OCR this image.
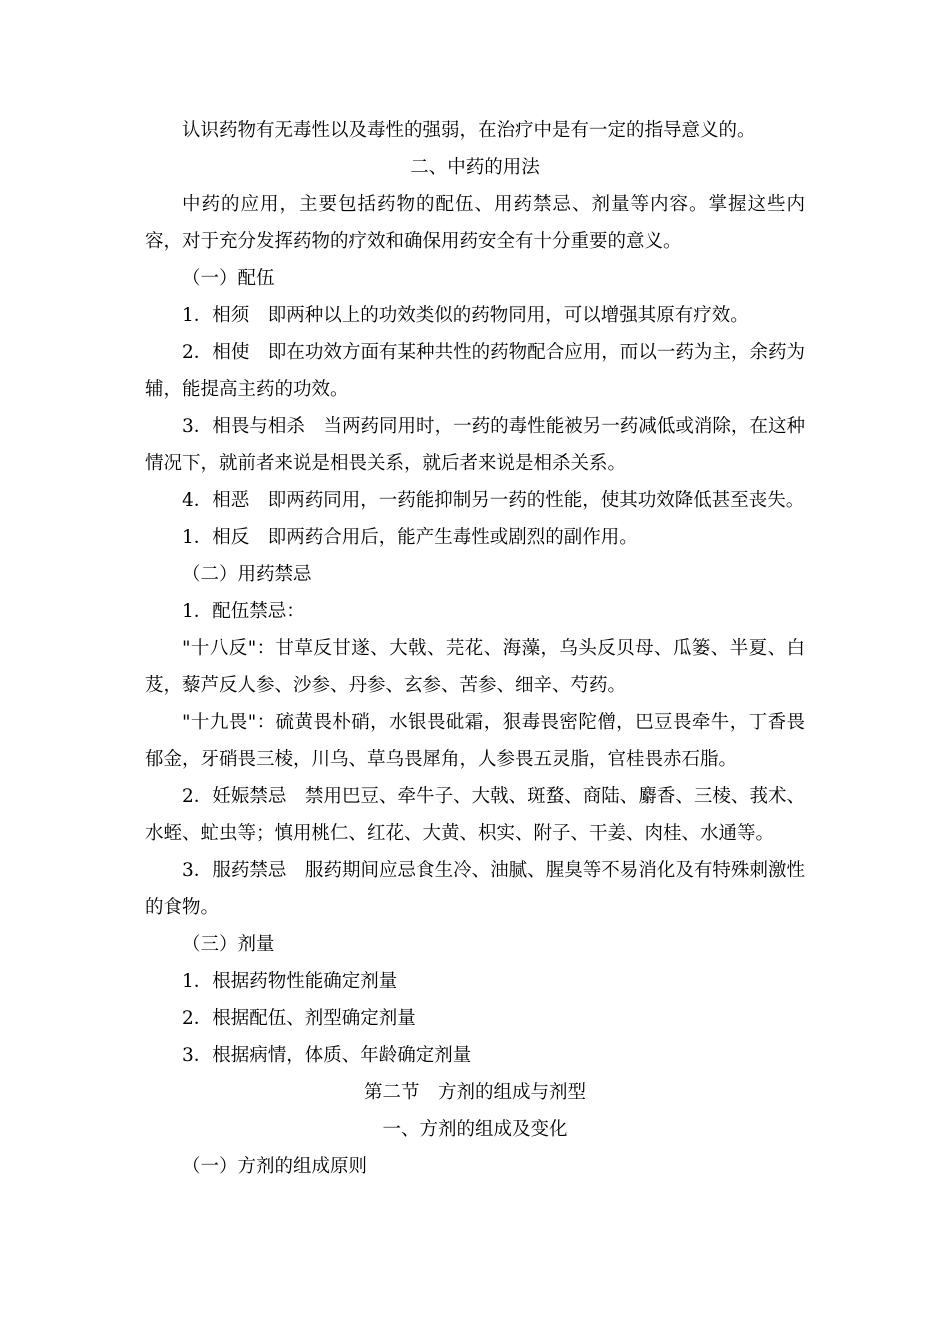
认识药物有无毒性以及毒性的强弱，在治疗中是有一定的指导意义的。

二、中药的用法

中药的应用，主要包括药物的配伍、用药禁忌、剂量等内容。掌握这些内容，对于充分发挥药物的疗效和确保用药安全有十分重要的意义。

（一）配伍

1．相须　即两种以上的功效类似的药物同用，可以增强其原有疗效。

2．相使　即在功效方面有某种共性的药物配合应用，而以一药为主，余药为辅，能提高主药的功效。

3．相畏与相杀　当两药同用时，一药的毒性能被另一药减低或消除，在这种情况下，就前者来说是相畏关系，就后者来说是相杀关系。

4．相恶　即两药同用，一药能抑制另一药的性能，使其功效降低甚至丧失。

1．相反　即两药合用后，能产生毒性或剧烈的副作用。

（二）用药禁忌

1．配伍禁忌：

"十八反"：甘草反甘遂、大戟、芫花、海藻，乌头反贝母、瓜篓、半夏、白芨，藜芦反人参、沙参、丹参、玄参、苦参、细辛、芍药。

"十九畏"：硫黄畏朴硝，水银畏砒霜，狠毒畏密陀僧，巴豆畏牵牛，丁香畏郁金，牙硝畏三棱，川乌、草乌畏犀角，人参畏五灵脂，官桂畏赤石脂。

2．妊娠禁忌　禁用巴豆、牵牛子、大戟、斑蝥、商陆、麝香、三棱、莪术、水蛭、虻虫等；慎用桃仁、红花、大黄、枳实、附子、干姜、肉桂、水通等。

3．服药禁忌　服药期间应忌食生冷、油腻、腥臭等不易消化及有特殊刺激性的食物。

（三）剂量

1．根据药物性能确定剂量

2．根据配伍、剂型确定剂量

3．根据病情，体质、年龄确定剂量

第二节　方剂的组成与剂型

一、方剂的组成及变化

（一）方剂的组成原则
